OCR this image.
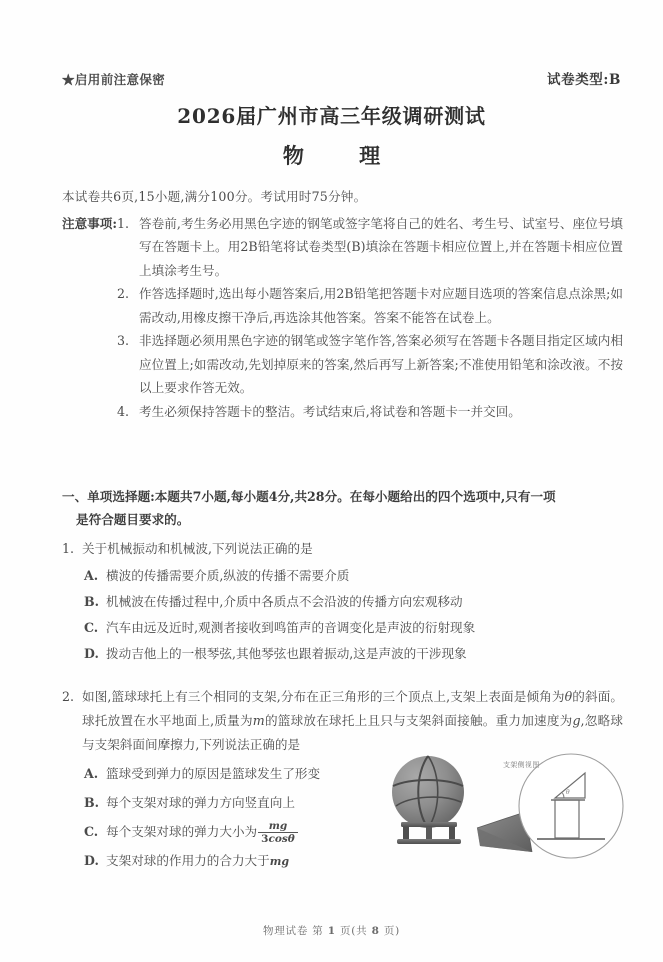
★启用前注意保密	试卷类型:B
2026届广州市高三年级调研测试
物 理
本试卷共6页,15小题,满分100分。考试用时75分钟。
注意事项: 1. 答卷前,考生务必用黑色字迹的钢笔或签字笔将自己的姓名、考生号、试室号、座位号填写在答题卡上。用2B铅笔将试卷类型(B)填涂在答题卡相应位置上,并在答题卡相应位置上填涂考生号。
2. 作答选择题时,选出每小题答案后,用2B铅笔把答题卡对应题目选项的答案信息点涂黑;如需改动,用橡皮擦干净后,再选涂其他答案。答案不能答在试卷上。
3. 非选择题必须用黑色字迹的钢笔或签字笔作答,答案必须写在答题卡各题目指定区域内相应位置上;如需改动,先划掉原来的答案,然后再写上新答案;不准使用铅笔和涂改液。不按以上要求作答无效。
4. 考生必须保持答题卡的整洁。考试结束后,将试卷和答题卡一并交回。
一、单项选择题:本题共7小题,每小题4分,共28分。在每小题给出的四个选项中,只有一项
是符合题目要求的。
1. 关于机械振动和机械波,下列说法正确的是
A. 横波的传播需要介质,纵波的传播不需要介质
B. 机械波在传播过程中,介质中各质点不会沿波的传播方向宏观移动
C. 汽车由远及近时,观测者接收到鸣笛声的音调变化是声波的衍射现象
D. 拨动吉他上的一根琴弦,其他琴弦也跟着振动,这是声波的干涉现象
2. 如图,篮球球托上有三个相同的支架,分布在正三角形的三个顶点上,支架上表面是倾角为θ的斜面。球托放置在水平地面上,质量为m的篮球放在球托上且只与支架斜面接触。重力加速度为g,忽略球与支架斜面间摩擦力,下列说法正确的是
A. 篮球受到弹力的原因是篮球发生了形变
B. 每个支架对球的弹力方向竖直向上
C. 每个支架对球的弹力大小为 $\frac{mg}{3\cos\theta}$
D. 支架对球的作用力的合力大于mg
θ
支架侧视图
物理试卷 第 1 页(共 8 页)
